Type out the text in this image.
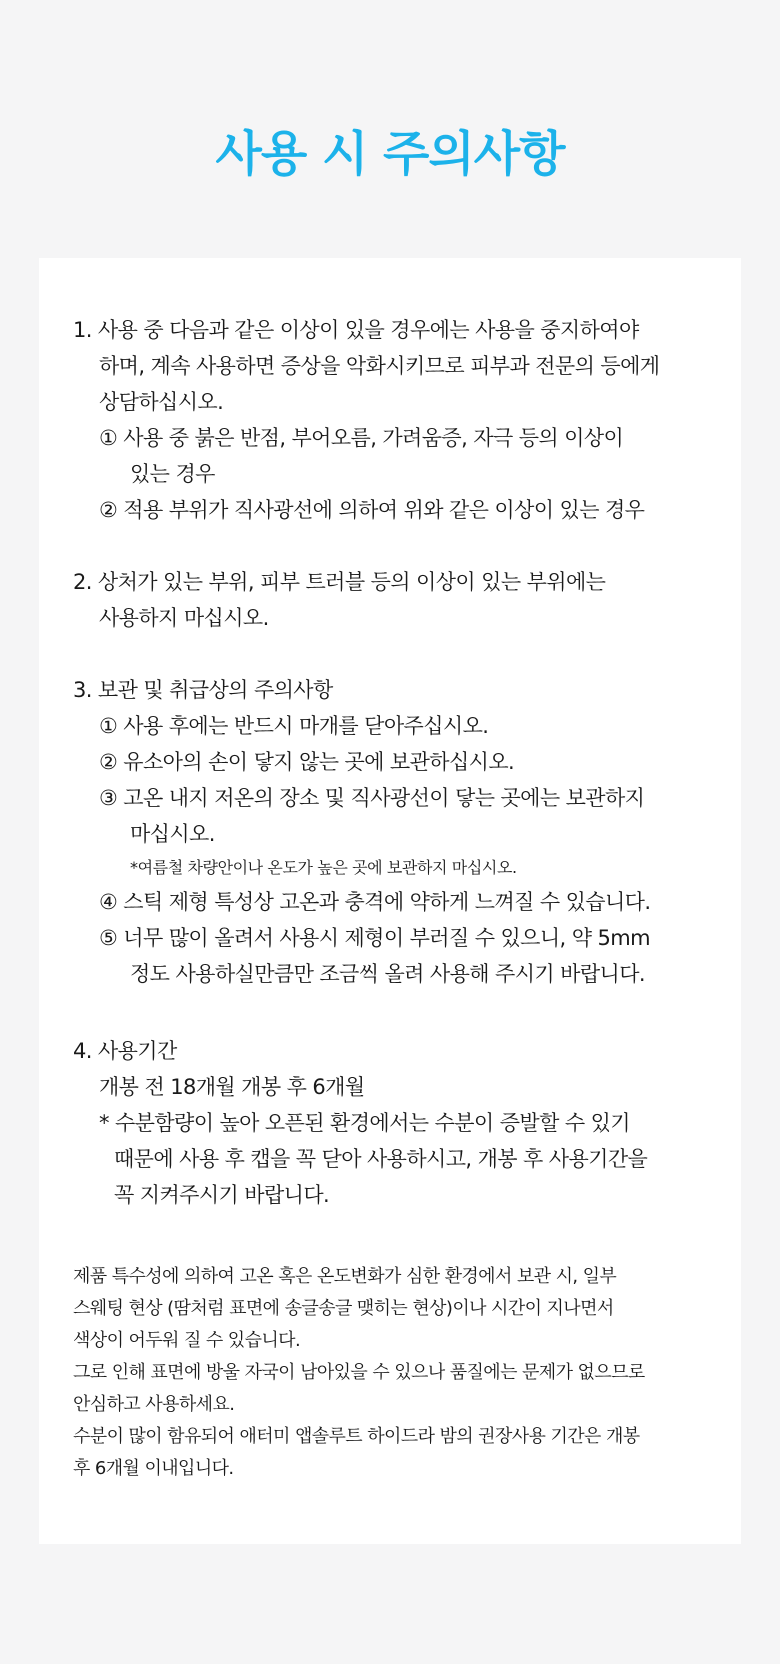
사용 시 주의사항
1. 사용 중 다음과 같은 이상이 있을 경우에는 사용을 중지하여야
하며, 계속 사용하면 증상을 악화시키므로 피부과 전문의 등에게
상담하십시오.
① 사용 중 붉은 반점, 부어오름, 가려움증, 자극 등의 이상이
있는 경우
② 적용 부위가 직사광선에 의하여 위와 같은 이상이 있는 경우
2. 상처가 있는 부위, 피부 트러블 등의 이상이 있는 부위에는
사용하지 마십시오.
3. 보관 및 취급상의 주의사항
① 사용 후에는 반드시 마개를 닫아주십시오.
② 유소아의 손이 닿지 않는 곳에 보관하십시오.
③ 고온 내지 저온의 장소 및 직사광선이 닿는 곳에는 보관하지
마십시오.
*여름철 차량안이나 온도가 높은 곳에 보관하지 마십시오.
④ 스틱 제형 특성상 고온과 충격에 약하게 느껴질 수 있습니다.
⑤ 너무 많이 올려서 사용시 제형이 부러질 수 있으니, 약 5mm
정도 사용하실만큼만 조금씩 올려 사용해 주시기 바랍니다.
4. 사용기간
개봉 전 18개월 개봉 후 6개월
* 수분함량이 높아 오픈된 환경에서는 수분이 증발할 수 있기
때문에 사용 후 캡을 꼭 닫아 사용하시고, 개봉 후 사용기간을
꼭 지켜주시기 바랍니다.
제품 특수성에 의하여 고온 혹은 온도변화가 심한 환경에서 보관 시, 일부
스웨팅 현상 (땀처럼 표면에 송글송글 맺히는 현상)이나 시간이 지나면서
색상이 어두워 질 수 있습니다.
그로 인해 표면에 방울 자국이 남아있을 수 있으나 품질에는 문제가 없으므로
안심하고 사용하세요.
수분이 많이 함유되어 애터미 앱솔루트 하이드라 밤의 권장사용 기간은 개봉
후 6개월 이내입니다.
